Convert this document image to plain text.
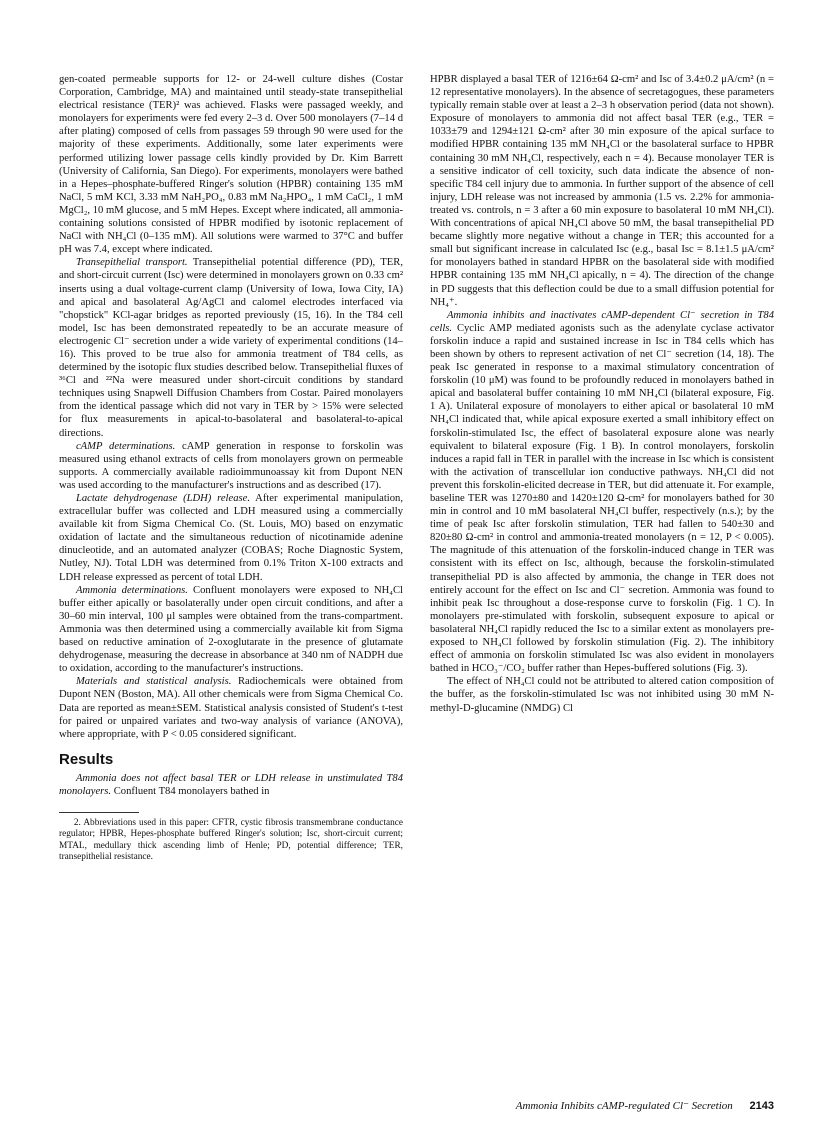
gen-coated permeable supports for 12- or 24-well culture dishes (Costar Corporation, Cambridge, MA) and maintained until steady-state transepithelial electrical resistance (TER)² was achieved. Flasks were passaged weekly, and monolayers for experiments were fed every 2–3 d. Over 500 monolayers (7–14 d after plating) composed of cells from passages 59 through 90 were used for the majority of these experiments. Additionally, some later experiments were performed utilizing lower passage cells kindly provided by Dr. Kim Barrett (University of California, San Diego). For experiments, monolayers were bathed in a Hepes–phosphate-buffered Ringer's solution (HPBR) containing 135 mM NaCl, 5 mM KCl, 3.33 mM NaH₂PO₄, 0.83 mM Na₂HPO₄, 1 mM CaCl₂, 1 mM MgCl₂, 10 mM glucose, and 5 mM Hepes. Except where indicated, all ammonia-containing solutions consisted of HPBR modified by isotonic replacement of NaCl with NH₄Cl (0–135 mM). All solutions were warmed to 37°C and buffer pH was 7.4, except where indicated.

Transepithelial transport. Transepithelial potential difference (PD), TER, and short-circuit current (Isc) were determined in monolayers grown on 0.33 cm² inserts using a dual voltage-current clamp (University of Iowa, Iowa City, IA) and apical and basolateral Ag/AgCl and calomel electrodes interfaced via "chopstick" KCl-agar bridges as reported previously (15, 16). In the T84 cell model, Isc has been demonstrated repeatedly to be an accurate measure of electrogenic Cl⁻ secretion under a wide variety of experimental conditions (14–16). This proved to be true also for ammonia treatment of T84 cells, as determined by the isotopic flux studies described below. Transepithelial fluxes of ³⁶Cl and ²²Na were measured under short-circuit conditions by standard techniques using Snapwell Diffusion Chambers from Costar. Paired monolayers from the identical passage which did not vary in TER by > 15% were selected for flux measurements in apical-to-basolateral and basolateral-to-apical directions.

cAMP determinations. cAMP generation in response to forskolin was measured using ethanol extracts of cells from monolayers grown on permeable supports. A commercially available radioimmunoassay kit from Dupont NEN was used according to the manufacturer's instructions and as described (17).

Lactate dehydrogenase (LDH) release. After experimental manipulation, extracellular buffer was collected and LDH measured using a commercially available kit from Sigma Chemical Co. (St. Louis, MO) based on enzymatic oxidation of lactate and the simultaneous reduction of nicotinamide adenine dinucleotide, and an automated analyzer (COBAS; Roche Diagnostic System, Nutley, NJ). Total LDH was determined from 0.1% Triton X-100 extracts and LDH release expressed as percent of total LDH.

Ammonia determinations. Confluent monolayers were exposed to NH₄Cl buffer either apically or basolaterally under open circuit conditions, and after a 30–60 min interval, 100 μl samples were obtained from the trans-compartment. Ammonia was then determined using a commercially available kit from Sigma based on reductive amination of 2-oxoglutarate in the presence of glutamate dehydrogenase, measuring the decrease in absorbance at 340 nm of NADPH due to oxidation, according to the manufacturer's instructions.

Materials and statistical analysis. Radiochemicals were obtained from Dupont NEN (Boston, MA). All other chemicals were from Sigma Chemical Co. Data are reported as mean±SEM. Statistical analysis consisted of Student's t-test for paired or unpaired variates and two-way analysis of variance (ANOVA), where appropriate, with P < 0.05 considered significant.

Results

Ammonia does not affect basal TER or LDH release in unstimulated T84 monolayers. Confluent T84 monolayers bathed in

2. Abbreviations used in this paper: CFTR, cystic fibrosis transmembrane conductance regulator; HPBR, Hepes-phosphate buffered Ringer's solution; Isc, short-circuit current; MTAL, medullary thick ascending limb of Henle; PD, potential difference; TER, transepithelial resistance.

HPBR displayed a basal TER of 1216±64 Ω-cm² and Isc of 3.4±0.2 μA/cm² (n = 12 representative monolayers). In the absence of secretagogues, these parameters typically remain stable over at least a 2–3 h observation period (data not shown). Exposure of monolayers to ammonia did not affect basal TER (e.g., TER = 1033±79 and 1294±121 Ω-cm² after 30 min exposure of the apical surface to modified HPBR containing 135 mM NH₄Cl or the basolateral surface to HPBR containing 30 mM NH₄Cl, respectively, each n = 4). Because monolayer TER is a sensitive indicator of cell toxicity, such data indicate the absence of non-specific T84 cell injury due to ammonia. In further support of the absence of cell injury, LDH release was not increased by ammonia (1.5 vs. 2.2% for ammonia-treated vs. controls, n = 3 after a 60 min exposure to basolateral 10 mM NH₄Cl). With concentrations of apical NH₄Cl above 50 mM, the basal transepithelial PD became slightly more negative without a change in TER; this accounted for a small but significant increase in calculated Isc (e.g., basal Isc = 8.1±1.5 μA/cm² for monolayers bathed in standard HPBR on the basolateral side with modified HPBR containing 135 mM NH₄Cl apically, n = 4). The direction of the change in PD suggests that this deflection could be due to a small diffusion potential for NH₄⁺.

Ammonia inhibits and inactivates cAMP-dependent Cl⁻ secretion in T84 cells. Cyclic AMP mediated agonists such as the adenylate cyclase activator forskolin induce a rapid and sustained increase in Isc in T84 cells which has been shown by others to represent activation of net Cl⁻ secretion (14, 18). The peak Isc generated in response to a maximal stimulatory concentration of forskolin (10 μM) was found to be profoundly reduced in monolayers bathed in apical and basolateral buffer containing 10 mM NH₄Cl (bilateral exposure, Fig. 1 A). Unilateral exposure of monolayers to either apical or basolateral 10 mM NH₄Cl indicated that, while apical exposure exerted a small inhibitory effect on forskolin-stimulated Isc, the effect of basolateral exposure alone was nearly equivalent to bilateral exposure (Fig. 1 B). In control monolayers, forskolin induces a rapid fall in TER in parallel with the increase in Isc which is consistent with the activation of transcellular ion conductive pathways. NH₄Cl did not prevent this forskolin-elicited decrease in TER, but did attenuate it. For example, baseline TER was 1270±80 and 1420±120 Ω-cm² for monolayers bathed for 30 min in control and 10 mM basolateral NH₄Cl buffer, respectively (n.s.); by the time of peak Isc after forskolin stimulation, TER had fallen to 540±30 and 820±80 Ω-cm² in control and ammonia-treated monolayers (n = 12, P < 0.005). The magnitude of this attenuation of the forskolin-induced change in TER was consistent with its effect on Isc, although, because the forskolin-stimulated transepithelial PD is also affected by ammonia, the change in TER does not entirely account for the effect on Isc and Cl⁻ secretion. Ammonia was found to inhibit peak Isc throughout a dose-response curve to forskolin (Fig. 1 C). In monolayers pre-stimulated with forskolin, subsequent exposure to apical or basolateral NH₄Cl rapidly reduced the Isc to a similar extent as monolayers pre-exposed to NH₄Cl followed by forskolin stimulation (Fig. 2). The inhibitory effect of ammonia on forskolin stimulated Isc was also evident in monolayers bathed in HCO₃⁻/CO₂ buffer rather than Hepes-buffered solutions (Fig. 3).

The effect of NH₄Cl could not be attributed to altered cation composition of the buffer, as the forskolin-stimulated Isc was not inhibited using 30 mM N-methyl-D-glucamine (NMDG) Cl

Ammonia Inhibits cAMP-regulated Cl⁻ Secretion 2143
